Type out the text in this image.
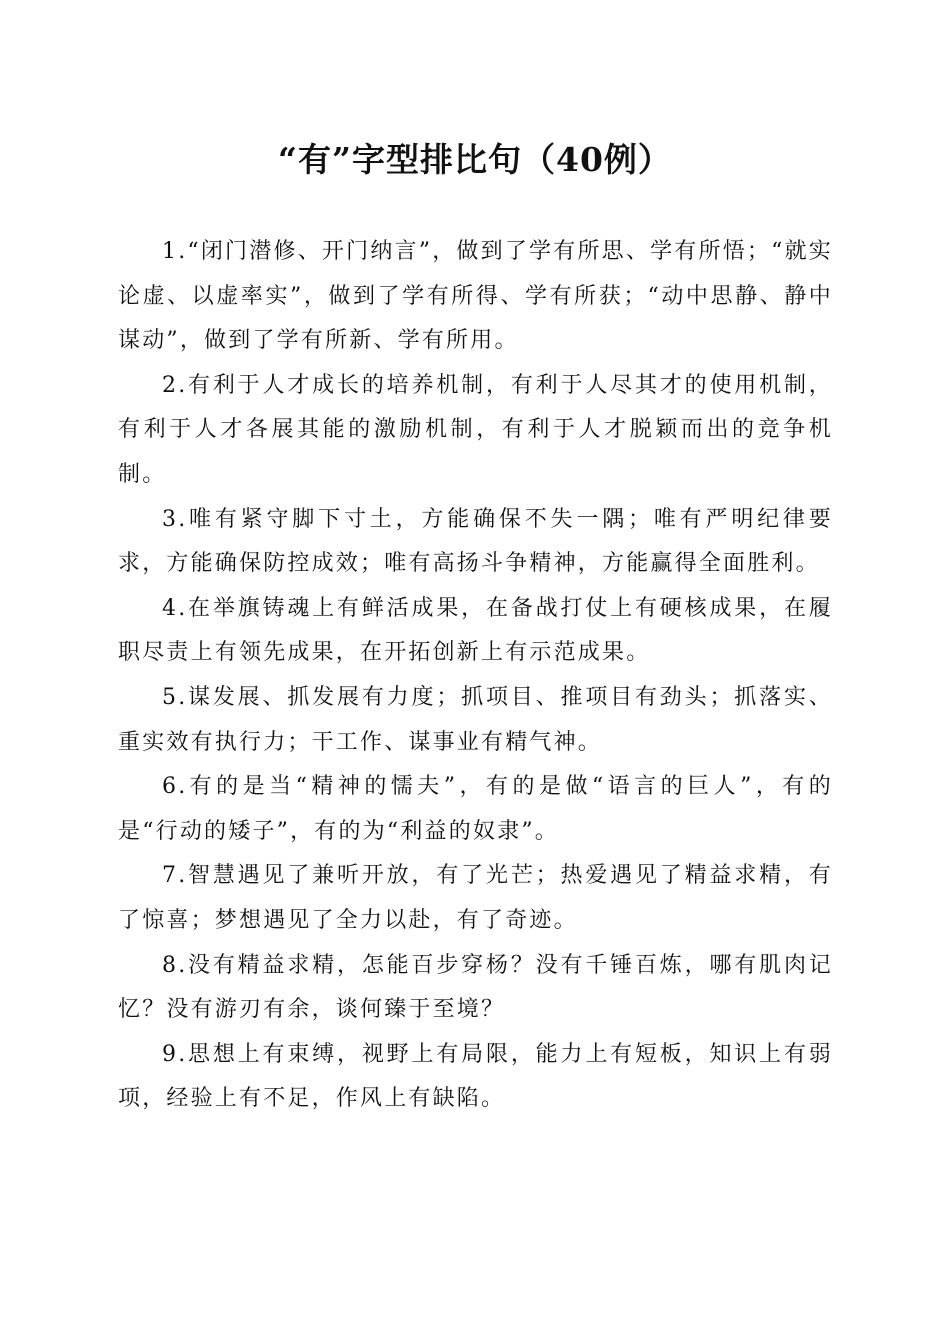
“有”字型排比句（40例）

1.“闭门潜修、开门纳言”，做到了学有所思、学有所悟；“就实论虚、以虚率实”，做到了学有所得、学有所获；“动中思静、静中谋动”，做到了学有所新、学有所用。

2.有利于人才成长的培养机制，有利于人尽其才的使用机制，有利于人才各展其能的激励机制，有利于人才脱颖而出的竞争机制。

3.唯有紧守脚下寸土，方能确保不失一隅；唯有严明纪律要求，方能确保防控成效；唯有高扬斗争精神，方能赢得全面胜利。

4.在举旗铸魂上有鲜活成果，在备战打仗上有硬核成果，在履职尽责上有领先成果，在开拓创新上有示范成果。

5.谋发展、抓发展有力度；抓项目、推项目有劲头；抓落实、重实效有执行力；干工作、谋事业有精气神。

6.有的是当“精神的懦夫”，有的是做“语言的巨人”，有的是“行动的矮子”，有的为“利益的奴隶”。

7.智慧遇见了兼听开放，有了光芒；热爱遇见了精益求精，有了惊喜；梦想遇见了全力以赴，有了奇迹。

8.没有精益求精，怎能百步穿杨？没有千锤百炼，哪有肌肉记忆？没有游刃有余，谈何臻于至境？

9.思想上有束缚，视野上有局限，能力上有短板，知识上有弱项，经验上有不足，作风上有缺陷。
